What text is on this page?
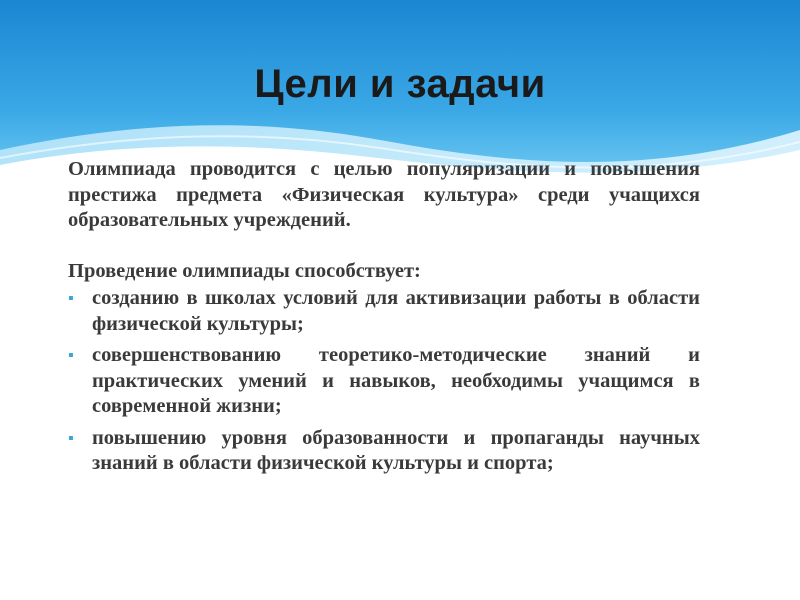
Цели и задачи

Олимпиада проводится с целью популяризации и повышения престижа предмета «Физическая культура» среди учащихся образовательных учреждений.

Проведение олимпиады способствует:

▪ созданию в школах условий для активизации работы в области физической культуры;
▪ совершенствованию теоретико-методические знаний и практических умений и навыков, необходимы учащимся в современной жизни;
▪ повышению уровня образованности и пропаганды научных знаний в области физической культуры и спорта;
